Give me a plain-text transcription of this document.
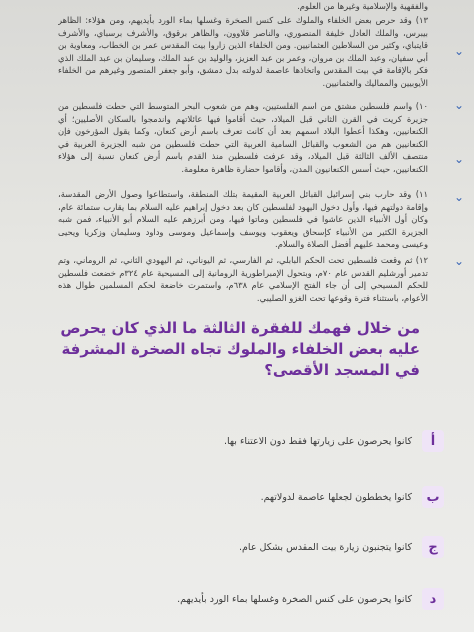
والفقهية والإسلامية وغيرها من العلوم.
١٣) وقد حرص بعض الخلفاء والملوك على كنس الصخرة وغسلها بماء الورد بأيديهم، ومن هؤلاء: الظاهر بيبرس، والملك العادل خليفة المنصوري، والناصر قلاوون، والظاهر برقوق، والأشرف برسباي، والأشرف قايتباي، وكثير من السلاطين العثمانيين. ومن الخلفاء الذين زاروا بيت المقدس عمر بن الخطاب، ومعاوية بن أبي سفيان، وعبد الملك بن مروان، وعمر بن عبد العزيز، والوليد بن عبد الملك، وسليمان بن عبد الملك الذي فكر بالإقامة في بيت المقدس واتخاذها عاصمة لدولته بدل دمشق، وأبو جعفر المنصور وغيرهم من الخلفاء الأيوبيين والمماليك والعثمانيين.
⌄
١٠) واسم فلسطين مشتق من اسم الفلستيين، وهم من شعوب البحر المتوسط التي حطت فلسطين من جزيرة كريت في القرن الثاني قبل الميلاد، حيث أقاموا فيها عائلاتهم واندمجوا بالسكان الأصليين؛ أي الكنعانيين، وهكذا أعطوا البلاد اسمهم بعد أن كانت تعرف باسم أرض كنعان، وكما يقول المؤرخون فإن الكنعانيين هم من الشعوب والقبائل السامية العربية التي حطت فلسطين من شبه الجزيرة العربية في منتصف الألف الثالثة قبل الميلاد، وقد عرفت فلسطين منذ القدم باسم أرض كنعان نسبة إلى هؤلاء الكنعانيين، حيث أسس الكنعانيون المدن، وأقاموا حضارة ظاهرة معلومة.
⌄
⌄
١١) وقد حارب بني إسرائيل القبائل العربية المقيمة بتلك المنطقة، واستطاعوا وصول الأرض المقدسة، وإقامة دولتهم فيها، وأول دخول اليهود لفلسطين كان بعد دخول إبراهيم عليه السلام بما يقارب ستمائة عام، وكان أول الأنبياء الذين عاشوا في فلسطين وماتوا فيها، ومن أبرزهم عليه السلام أبو الأنبياء، فمن شبه الجزيرة الكثير من الأنبياء كإسحاق ويعقوب ويوسف وإسماعيل وموسى وداود وسليمان وزكريا ويحيى وعيسى ومحمد عليهم أفضل الصلاة والسلام.
⌄
١٢) ثم وقعت فلسطين تحت الحكم البابلي، ثم الفارسي، ثم اليوناني، ثم اليهودي الثاني، ثم الروماني، وتم تدمير أورشليم القدس عام ٧٠م، وبتحول الإمبراطورية الرومانية إلى المسيحية عام ٣٢٤م خضعت فلسطين للحكم المسيحي إلى أن جاء الفتح الإسلامي عام ٦٣٨م، واستمرت خاضعة لحكم المسلمين طوال هذه الأعوام، باستثناء فترة وقوعها تحت الغزو الصليبي.
⌄
من خلال فهمك للفقرة الثالثة ما الذي كان يحرص عليه بعض الخلفاء والملوك تجاه الصخرة المشرفة في المسجد الأقصى؟
أ
كانوا يحرصون على زيارتها فقط دون الاعتناء بها.
ب
كانوا يخططون لجعلها عاصمة لدولاتهم.
ج
كانوا يتجنبون زيارة بيت المقدس بشكل عام.
د
كانوا يحرصون على كنس الصخرة وغسلها بماء الورد بأيديهم.
